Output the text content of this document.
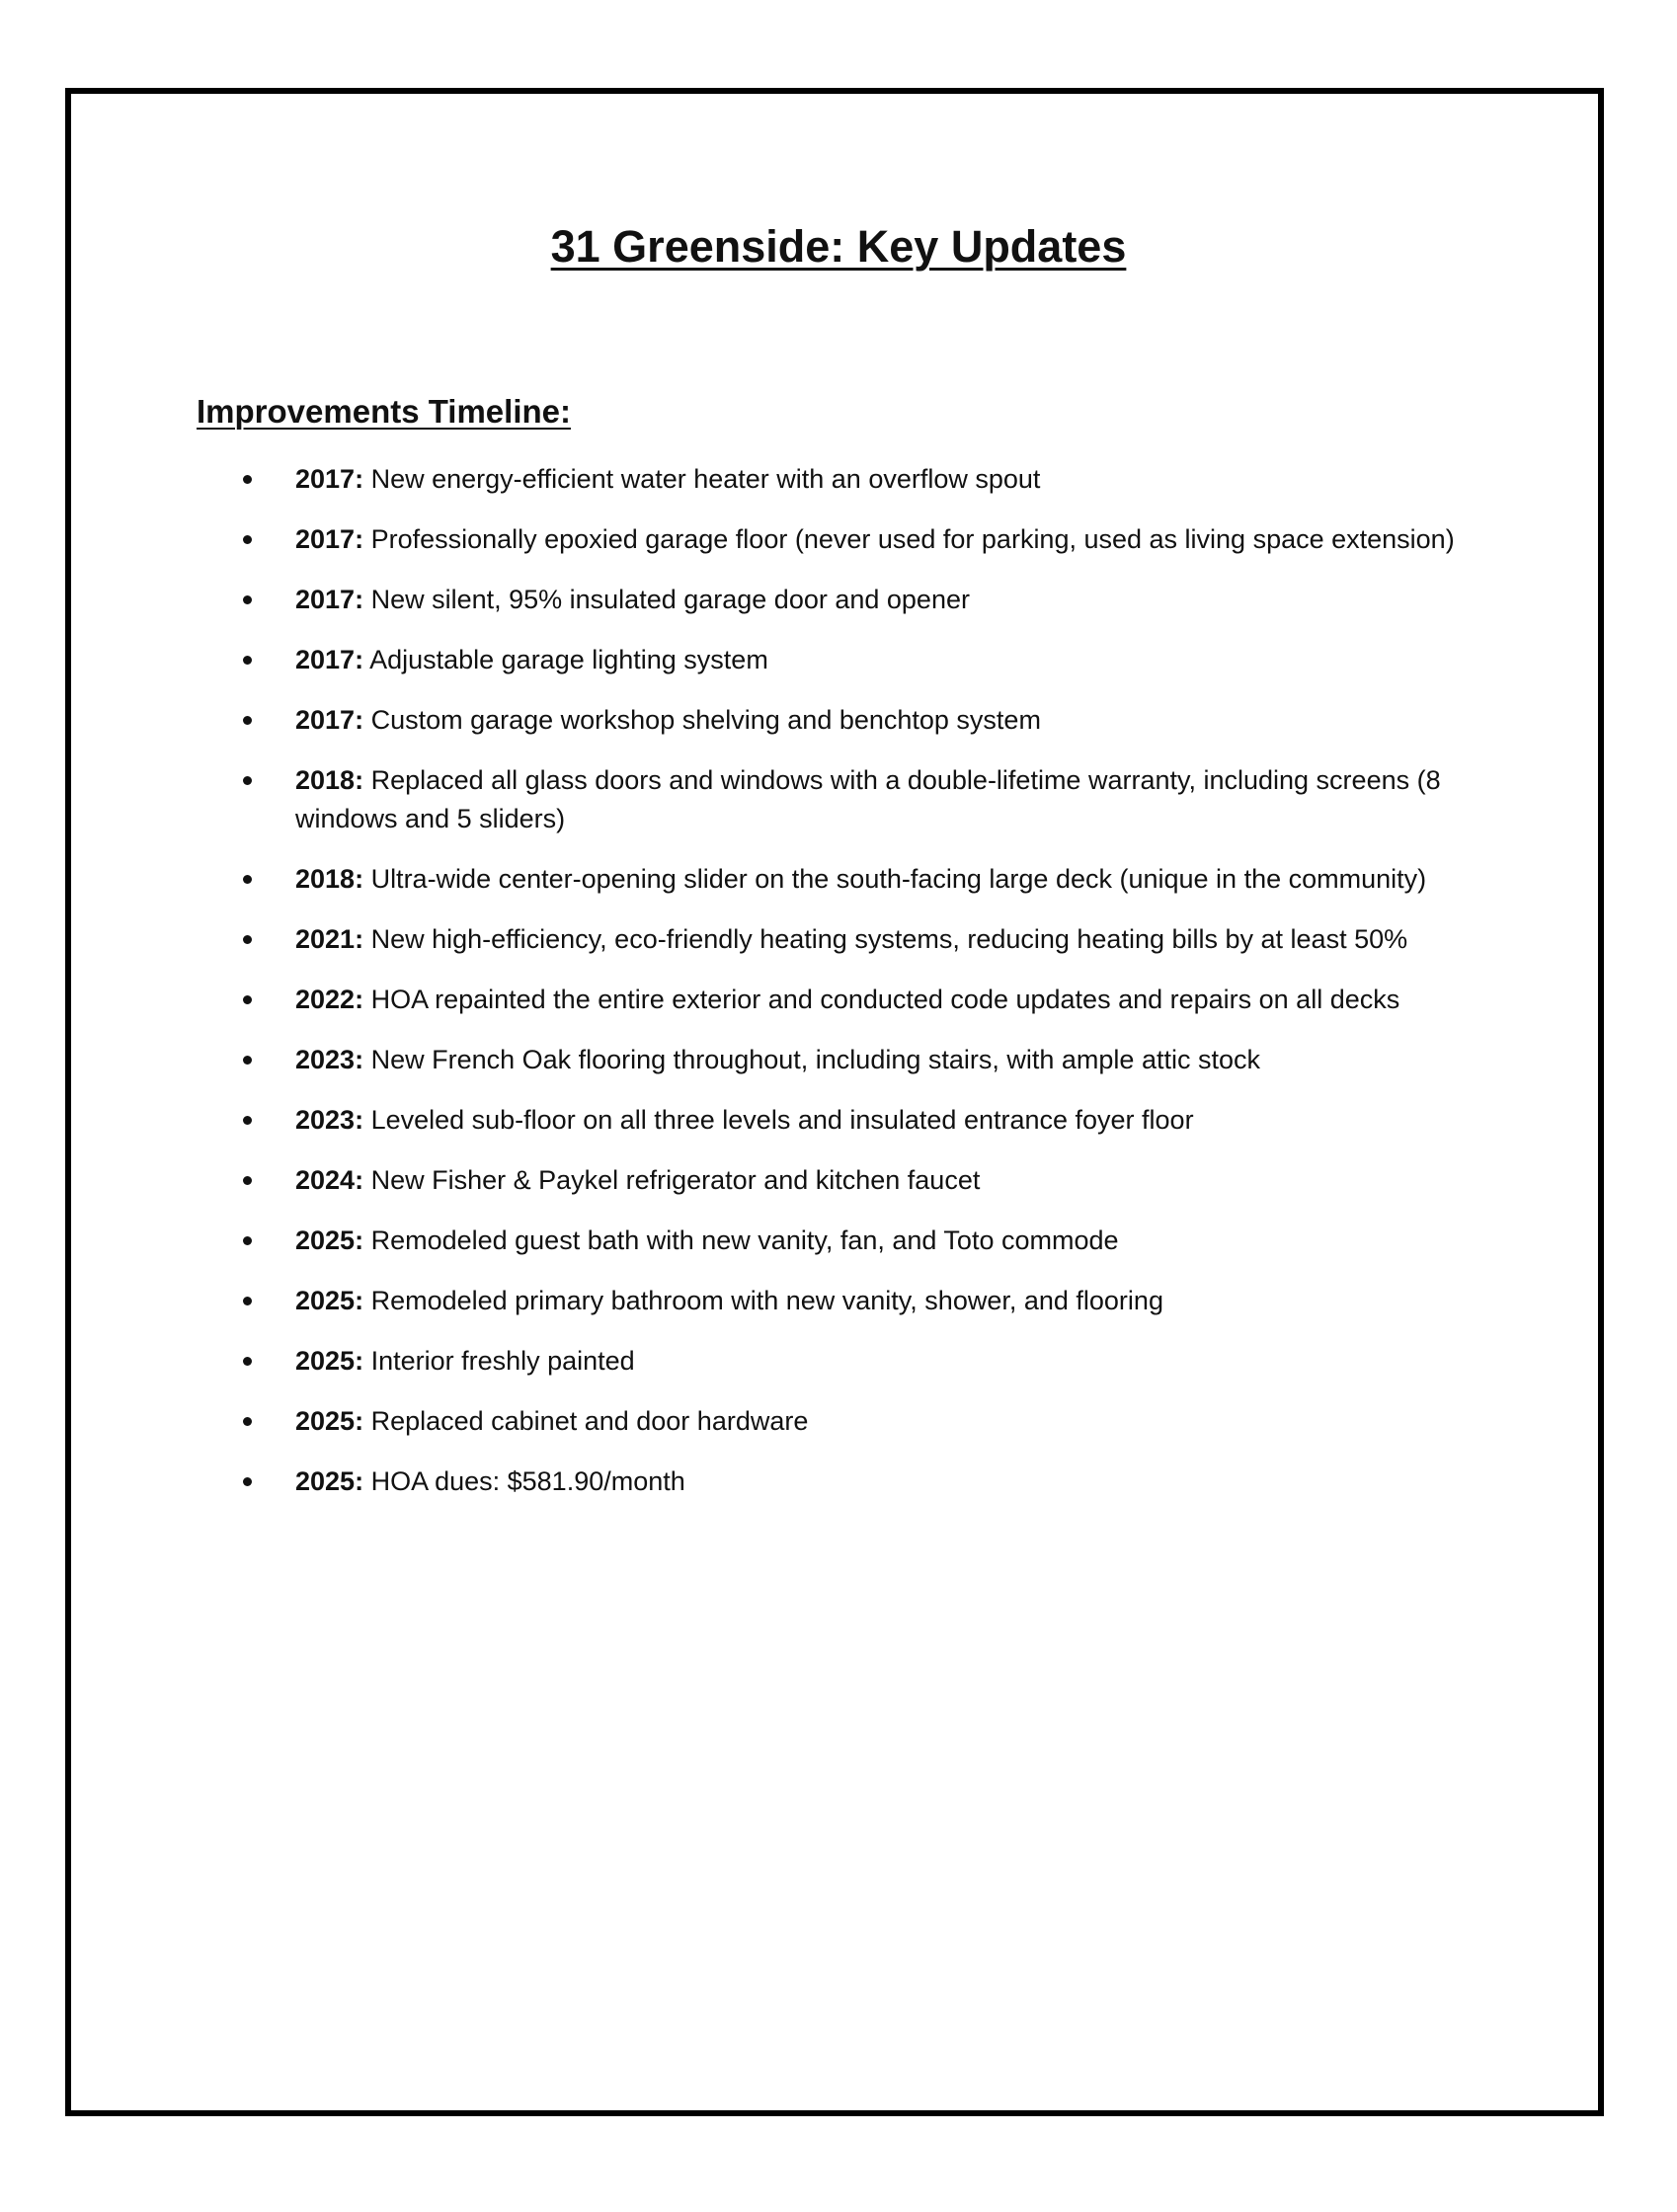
31 Greenside: Key Updates
Improvements Timeline:
2017: New energy-efficient water heater with an overflow spout
2017: Professionally epoxied garage floor (never used for parking, used as living space extension)
2017: New silent, 95% insulated garage door and opener
2017: Adjustable garage lighting system
2017: Custom garage workshop shelving and benchtop system
2018: Replaced all glass doors and windows with a double-lifetime warranty, including screens (8 windows and 5 sliders)
2018: Ultra-wide center-opening slider on the south-facing large deck (unique in the community)
2021: New high-efficiency, eco-friendly heating systems, reducing heating bills by at least 50%
2022: HOA repainted the entire exterior and conducted code updates and repairs on all decks
2023: New French Oak flooring throughout, including stairs, with ample attic stock
2023: Leveled sub-floor on all three levels and insulated entrance foyer floor
2024: New Fisher & Paykel refrigerator and kitchen faucet
2025: Remodeled guest bath with new vanity, fan, and Toto commode
2025: Remodeled primary bathroom with new vanity, shower, and flooring
2025: Interior freshly painted
2025: Replaced cabinet and door hardware
2025: HOA dues: $581.90/month
